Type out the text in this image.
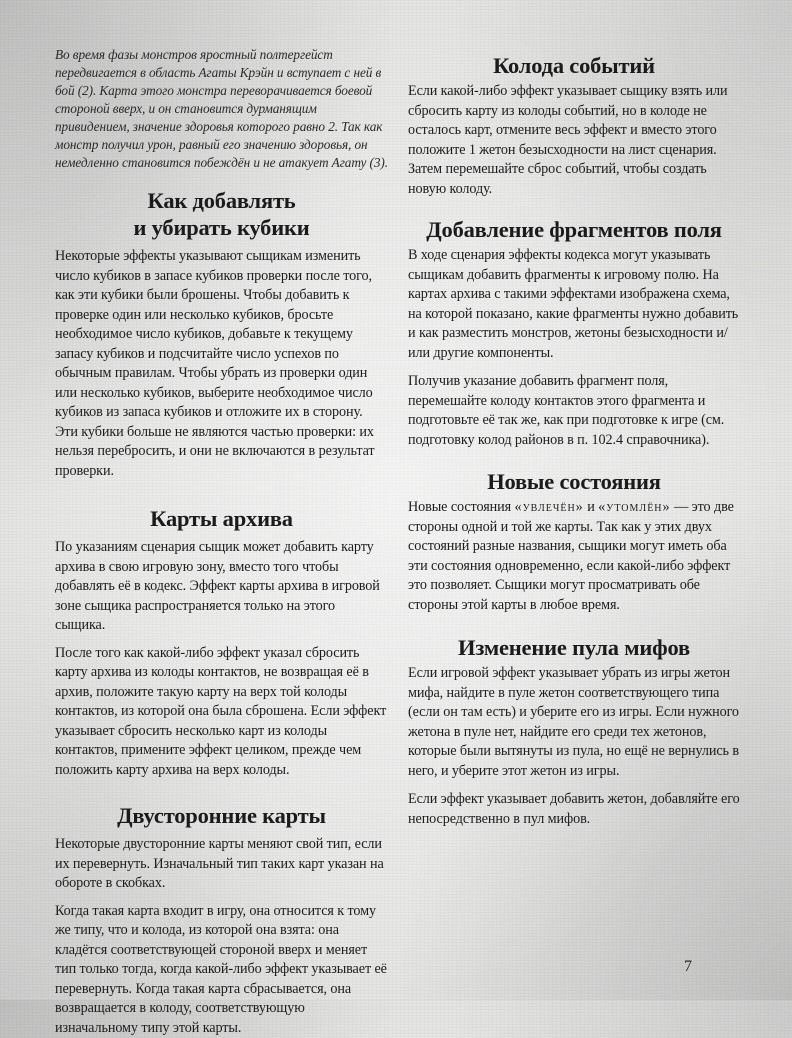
Во время фазы монстров яростный полтергейст передвигается в область Агаты Крэйн и вступает с ней в бой (2). Карта этого монстра переворачивается боевой стороной вверх, и он становится дурманящим привидением, значение здоровья которого равно 2. Так как монстр получил урон, равный его значению здоровья, он немедленно становится побеждён и не атакует Агату (3).

Как добавлять
и убирать кубики

Некоторые эффекты указывают сыщикам изменить число кубиков в запасе кубиков проверки после того, как эти кубики были брошены. Чтобы добавить к проверке один или несколько кубиков, бросьте необходимое число кубиков, добавьте к текущему запасу кубиков и подсчитайте число успехов по обычным правилам. Чтобы убрать из проверки один или несколько кубиков, выберите необходимое число кубиков из запаса кубиков и отложите их в сторону. Эти кубики больше не являются частью проверки: их нельзя перебросить, и они не включаются в результат проверки.

Карты архива

По указаниям сценария сыщик может добавить карту архива в свою игровую зону, вместо того чтобы добавлять её в кодекс. Эффект карты архива в игровой зоне сыщика распространяется только на этого сыщика.

После того как какой-либо эффект указал сбросить карту архива из колоды контактов, не возвращая её в архив, положите такую карту на верх той колоды контактов, из которой она была сброшена. Если эффект указывает сбросить несколько карт из колоды контактов, примените эффект целиком, прежде чем положить карту архива на верх колоды.

Двусторонние карты

Некоторые двусторонние карты меняют свой тип, если их перевернуть. Изначальный тип таких карт указан на обороте в скобках.

Когда такая карта входит в игру, она относится к тому же типу, что и колода, из которой она взята: она кладётся соответствующей стороной вверх и меняет тип только тогда, когда какой-либо эффект указывает её перевернуть. Когда такая карта сбрасывается, она возвращается в колоду, соответствующую изначальному типу этой карты.

Колода событий

Если какой-либо эффект указывает сыщику взять или сбросить карту из колоды событий, но в колоде не осталось карт, отмените весь эффект и вместо этого положите 1 жетон безысходности на лист сценария. Затем перемешайте сброс событий, чтобы создать новую колоду.

Добавление фрагментов поля

В ходе сценария эффекты кодекса могут указывать сыщикам добавить фрагменты к игровому полю. На картах архива с такими эффектами изображена схема, на которой показано, какие фрагменты нужно добавить и как разместить монстров, жетоны безысходности и/или другие компоненты.

Получив указание добавить фрагмент поля, перемешайте колоду контактов этого фрагмента и подготовьте её так же, как при подготовке к игре (см. подготовку колод районов в п. 102.4 справочника).

Новые состояния

Новые состояния «увлечён» и «утомлён» — это две стороны одной и той же карты. Так как у этих двух состояний разные названия, сыщики могут иметь оба эти состояния одновременно, если какой-либо эффект это позволяет. Сыщики могут просматривать обе стороны этой карты в любое время.

Изменение пула мифов

Если игровой эффект указывает убрать из игры жетон мифа, найдите в пуле жетон соответствующего типа (если он там есть) и уберите его из игры. Если нужного жетона в пуле нет, найдите его среди тех жетонов, которые были вытянуты из пула, но ещё не вернулись в него, и уберите этот жетон из игры.

Если эффект указывает добавить жетон, добавляйте его непосредственно в пул мифов.

7
